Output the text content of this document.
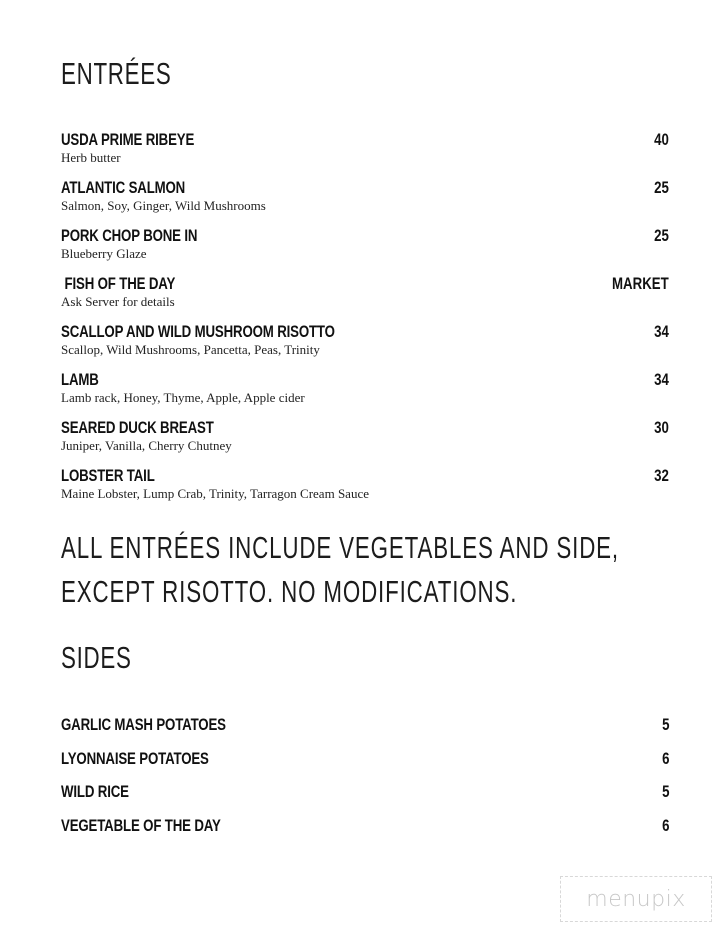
ENTRÉES
USDA PRIME RIBEYE	40
Herb butter
ATLANTIC SALMON	25
Salmon, Soy, Ginger, Wild Mushrooms
PORK CHOP BONE IN	25
Blueberry Glaze
FISH OF THE DAY	MARKET
Ask Server for details
SCALLOP AND WILD MUSHROOM RISOTTO	34
Scallop, Wild Mushrooms, Pancetta, Peas, Trinity
LAMB	34
Lamb rack, Honey, Thyme, Apple, Apple cider
SEARED DUCK BREAST	30
Juniper, Vanilla, Cherry Chutney
LOBSTER TAIL	32
Maine Lobster, Lump Crab, Trinity, Tarragon Cream Sauce
ALL ENTRÉES INCLUDE VEGETABLES AND SIDE,
EXCEPT RISOTTO. NO MODIFICATIONS.
SIDES
GARLIC MASH POTATOES	5
LYONNAISE POTATOES	6
WILD RICE	5
VEGETABLE OF THE DAY	6
menupix
